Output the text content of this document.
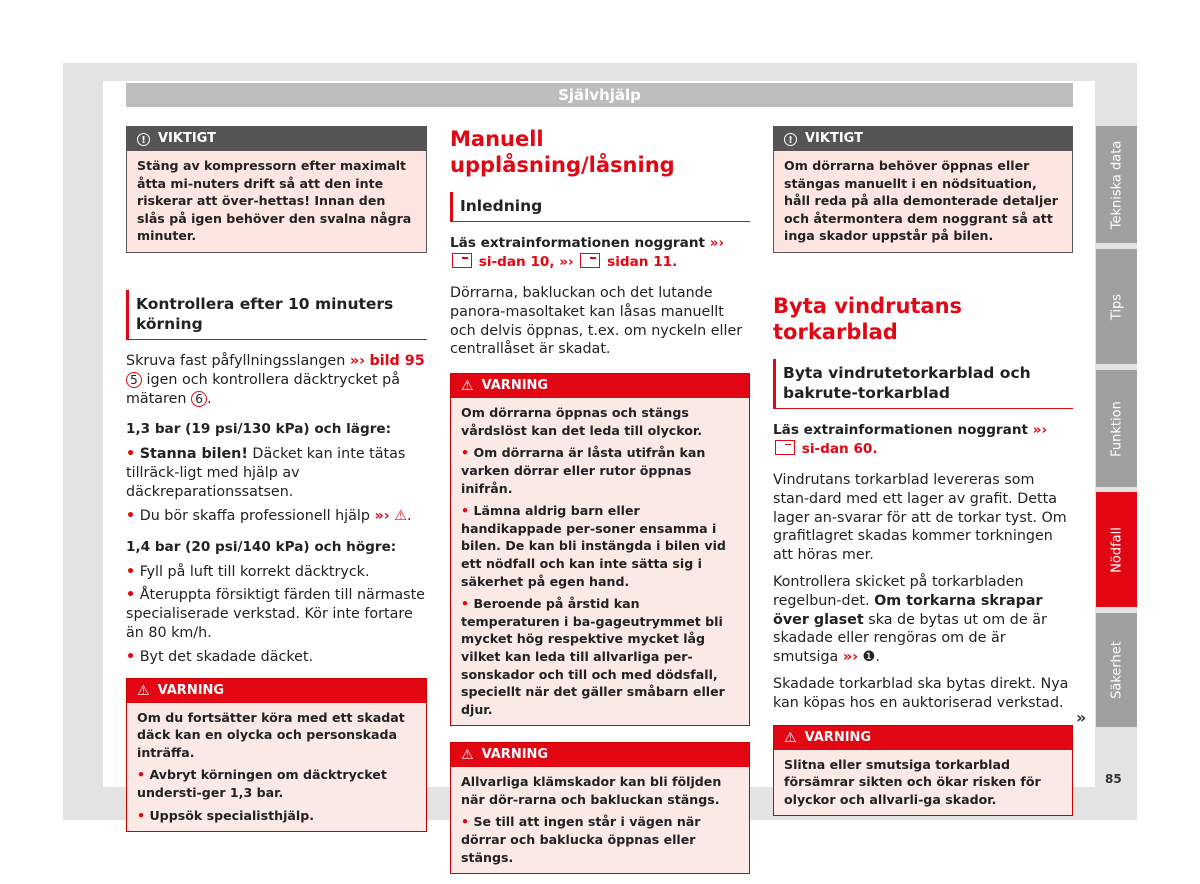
Självhjälp
! VIKTIGT

Stäng av kompressorn efter maximalt åtta mi-nuters drift så att den inte riskerar att över-hettas! Innan den slås på igen behöver den svalna några minuter.

Kontrollera efter 10 minuters körning

Skruva fast påfyllningsslangen »› bild 95 5 igen och kontrollera däcktrycket på mätaren 6 .

1,3 bar (19 psi/130 kPa) och lägre:

• Stanna bilen! Däcket kan inte tätas tillräck-ligt med hjälp av däckreparationssatsen.

• Du bör skaffa professionell hjälp »› ⚠.

1,4 bar (20 psi/140 kPa) och högre:

• Fyll på luft till korrekt däcktryck.

• Återuppta försiktigt färden till närmaste specialiserade verkstad. Kör inte fortare än 80 km/h.

• Byt det skadade däcket.

⚠ VARNING

Om du fortsätter köra med ett skadat däck kan en olycka och personskada inträffa.

• Avbryt körningen om däcktrycket understi-ger 1,3 bar.

• Uppsök specialisthjälp.

Manuell upplåsning/låsning
Inledning
Läs extrainformationen noggrant »›  si-dan 10, »› sidan 11.

Dörrarna, bakluckan och det lutande panora-masoltaket kan låsas manuellt och delvis öppnas, t.ex. om nyckeln eller centrallåset är skadat.

⚠ VARNING

Om dörrarna öppnas och stängs vårdslöst kan det leda till olyckor.

• Om dörrarna är låsta utifrån kan varken dörrar eller rutor öppnas inifrån.

• Lämna aldrig barn eller handikappade per-soner ensamma i bilen. De kan bli instängda i bilen vid ett nödfall och kan inte sätta sig i säkerhet på egen hand.

• Beroende på årstid kan temperaturen i ba-gageutrymmet bli mycket hög respektive mycket låg vilket kan leda till allvarliga per-sonskador och till och med dödsfall, speciellt när det gäller småbarn eller djur.

⚠ VARNING

Allvarliga klämskador kan bli följden när dör-rarna och bakluckan stängs.

• Se till att ingen står i vägen när dörrar och baklucka öppnas eller stängs.

! VIKTIGT

Om dörrarna behöver öppnas eller stängas manuellt i en nödsituation, håll reda på alla demonterade detaljer och återmontera dem noggrant så att inga skador uppstår på bilen.

Byta vindrutans torkarblad
Byta vindrutetorkarblad och bakrute-torkarblad
Läs extrainformationen noggrant »›  si-dan 60.

Vindrutans torkarblad levereras som stan-dard med ett lager av grafit. Detta lager an-svarar för att de torkar tyst. Om grafitlagret skadas kommer torkningen att höras mer.

Kontrollera skicket på torkarbladen regelbun-det. Om torkarna skrapar över glaset ska de bytas ut om de är skadade eller rengöras om de är smutsiga »› ❶.

Skadade torkarblad ska bytas direkt. Nya kan köpas hos en auktoriserad verkstad.

⚠ VARNING

Slitna eller smutsiga torkarblad försämrar sikten och ökar risken för olyckor och allvarli-ga skador.

»
Tekniska data
Tips
Funktion
Nödfall
Säkerhet
85
